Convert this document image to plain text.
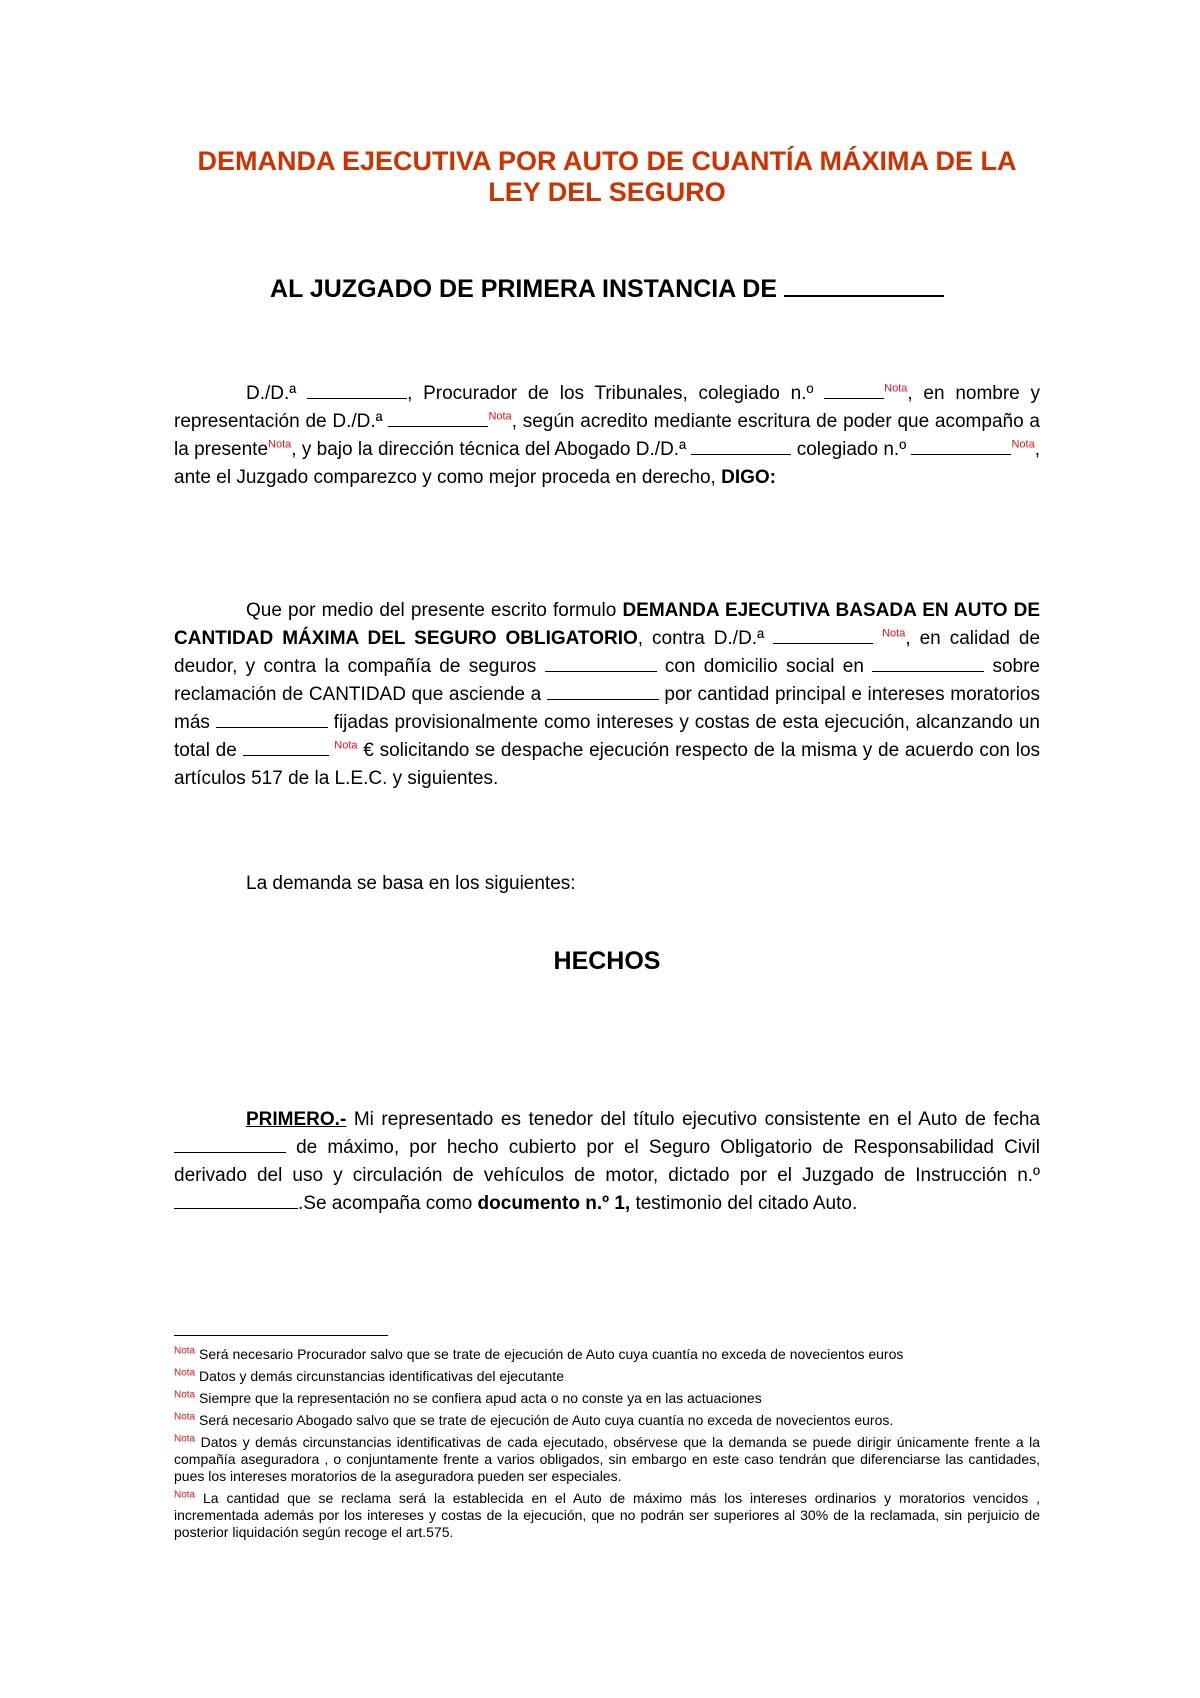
DEMANDA EJECUTIVA POR AUTO DE CUANTÍA MÁXIMA DE LA LEY DEL SEGURO
AL JUZGADO DE PRIMERA INSTANCIA DE

D./D.ª	, Procurador de los Tribunales, colegiado n.º	$^{Nota}$, en nombre y representación de D./D.ª	$^{Nota}$, según acredito mediante escritura de poder que acompaño a la presente$^{Nota}$, y bajo la dirección técnica del Abogado D./D.ª	colegiado n.º	$^{Nota}$, ante el Juzgado comparezco y como mejor proceda en derecho, DIGO:

Que por medio del presente escrito formulo DEMANDA EJECUTIVA BASADA EN AUTO DE CANTIDAD MÁXIMA DEL SEGURO OBLIGATORIO, contra D./D.ª	$^{Nota}$, en calidad de deudor, y contra la compañía de seguros	con domicilio social en	sobre reclamación de CANTIDAD que asciende a	por cantidad principal e intereses moratorios más	fijadas provisionalmente como intereses y costas de esta ejecución, alcanzando un total de	$^{Nota}$ € solicitando se despache ejecución respecto de la misma y de acuerdo con los artículos 517 de la L.E.C. y siguientes.

La demanda se basa en los siguientes:

HECHOS

PRIMERO.- Mi representado es tenedor del título ejecutivo consistente en el Auto de fecha  de máximo, por hecho cubierto por el Seguro Obligatorio de Responsabilidad Civil derivado del uso y circulación de vehículos de motor, dictado por el Juzgado de Instrucción n.º .Se acompaña como documento n.º 1, testimonio del citado Auto.

$^{Nota}$ Será necesario Procurador salvo que se trate de ejecución de Auto cuya cuantía no exceda de novecientos euros

$^{Nota}$ Datos y demás circunstancias identificativas del ejecutante

$^{Nota}$ Siempre que la representación no se confiera apud acta o no conste ya en las actuaciones

$^{Nota}$ Será necesario Abogado salvo que se trate de ejecución de Auto cuya cuantía no exceda de novecientos euros.

$^{Nota}$ Datos y demás circunstancias identificativas de cada ejecutado, obsérvese que la demanda se puede dirigir únicamente frente a la compañía aseguradora , o conjuntamente frente a varios obligados, sin embargo en este caso tendrán que diferenciarse las cantidades, pues los intereses moratorios de la aseguradora pueden ser especiales.

$^{Nota}$ La cantidad que se reclama será la establecida en el Auto de máximo más los intereses ordinarios y moratorios vencidos , incrementada además por los intereses y costas de la ejecución, que no podrán ser superiores al 30% de la reclamada, sin perjuicio de posterior liquidación según recoge el art.575.
